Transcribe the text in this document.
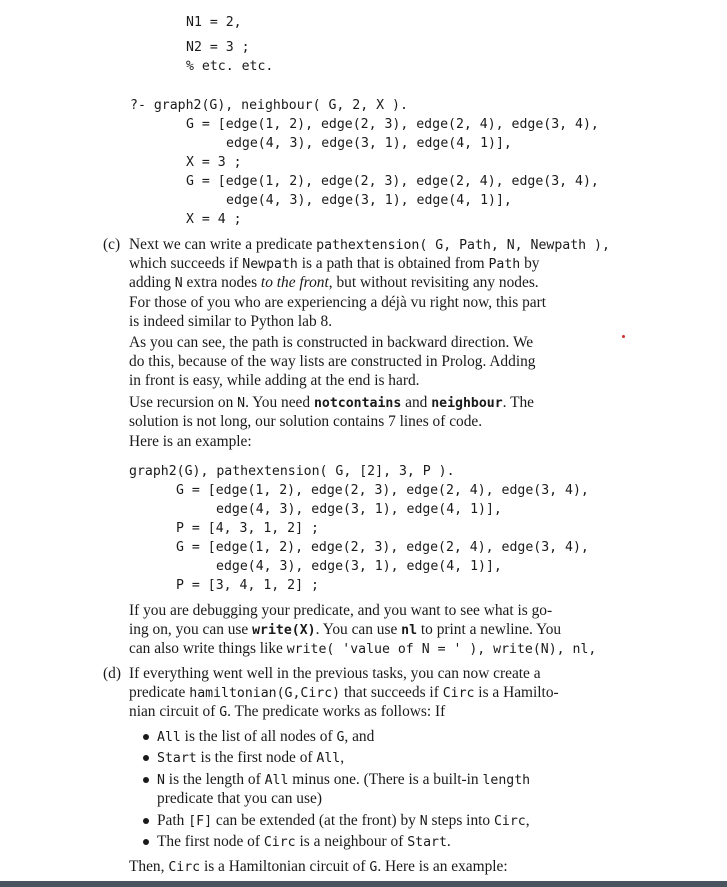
N1 = 2,
N2 = 3 ;
% etc. etc.
?- graph2(G), neighbour( G, 2, X ).
G = [edge(1, 2), edge(2, 3), edge(2, 4), edge(3, 4),
edge(4, 3), edge(3, 1), edge(4, 1)],
X = 3 ;
G = [edge(1, 2), edge(2, 3), edge(2, 4), edge(3, 4),
edge(4, 3), edge(3, 1), edge(4, 1)],
X = 4 ;
(c) Next we can write a predicate pathextension( G, Path, N, Newpath ),
which succeeds if Newpath is a path that is obtained from Path by
adding N extra nodes to the front, but without revisiting any nodes.
For those of you who are experiencing a déjà vu right now, this part
is indeed similar to Python lab 8.
As you can see, the path is constructed in backward direction. We
do this, because of the way lists are constructed in Prolog. Adding
in front is easy, while adding at the end is hard.
Use recursion on N. You need notcontains and neighbour. The
solution is not long, our solution contains 7 lines of code.
Here is an example:
graph2(G), pathextension( G, [2], 3, P ).
G = [edge(1, 2), edge(2, 3), edge(2, 4), edge(3, 4),
edge(4, 3), edge(3, 1), edge(4, 1)],
P = [4, 3, 1, 2] ;
G = [edge(1, 2), edge(2, 3), edge(2, 4), edge(3, 4),
edge(4, 3), edge(3, 1), edge(4, 1)],
P = [3, 4, 1, 2] ;
If you are debugging your predicate, and you want to see what is go-
ing on, you can use write(X). You can use nl to print a newline. You
can also write things like write( 'value of N = ' ), write(N), nl,
(d) If everything went well in the previous tasks, you can now create a
predicate hamiltonian(G,Circ) that succeeds if Circ is a Hamilto-
nian circuit of G. The predicate works as follows: If
All is the list of all nodes of G, and
Start is the first node of All,
N is the length of All minus one. (There is a built-in length
predicate that you can use)
Path [F] can be extended (at the front) by N steps into Circ,
The first node of Circ is a neighbour of Start.
Then, Circ is a Hamiltonian circuit of G. Here is an example:
